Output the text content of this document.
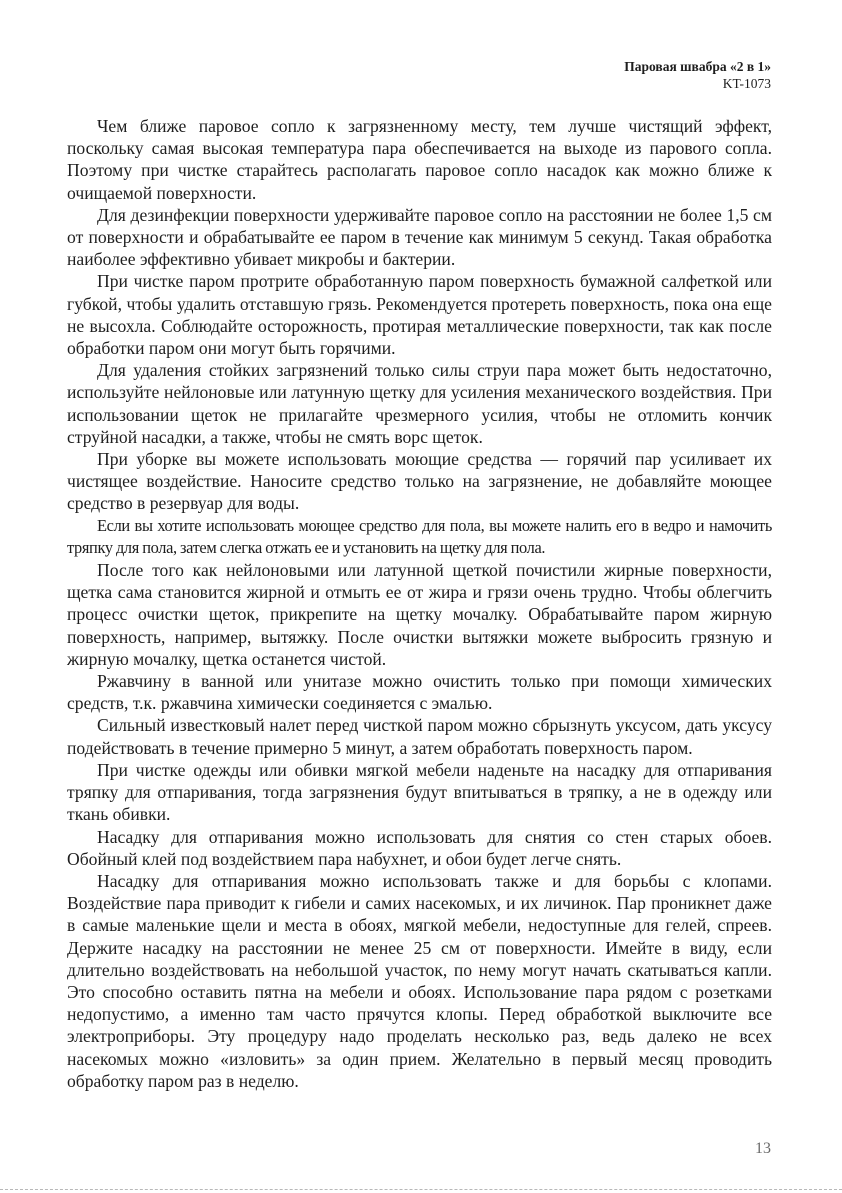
Паровая швабра «2 в 1»
KT-1073

Чем ближе паровое сопло к загрязненному месту, тем лучше чистящий эффект, поскольку самая высокая температура пара обеспечивается на выходе из парового сопла. Поэтому при чистке старайтесь располагать паровое сопло насадок как можно ближе к очищаемой поверхности.

Для дезинфекции поверхности удерживайте паровое сопло на расстоянии не более 1,5 см от поверхности и обрабатывайте ее паром в течение как минимум 5 секунд. Такая обработка наиболее эффективно убивает микробы и бактерии.

При чистке паром протрите обработанную паром поверхность бумажной салфеткой или губкой, чтобы удалить отставшую грязь. Рекомендуется протереть поверхность, пока она еще не высохла. Соблюдайте осторожность, протирая металлические поверхности, так как после обработки паром они могут быть горячими.

Для удаления стойких загрязнений только силы струи пара может быть недостаточно, используйте нейлоновые или латунную щетку для усиления механического воздействия. При использовании щеток не прилагайте чрезмерного усилия, чтобы не отломить кончик струйной насадки, а также, чтобы не смять ворс щеток.

При уборке вы можете использовать моющие средства — горячий пар усиливает их чистящее воздействие. Наносите средство только на загрязнение, не добавляйте моющее средство в резервуар для воды.

Если вы хотите использовать моющее средство для пола, вы можете налить его в ведро и намочить тряпку для пола, затем слегка отжать ее и установить на щетку для пола.

После того как нейлоновыми или латунной щеткой почистили жирные поверхности, щетка сама становится жирной и отмыть ее от жира и грязи очень трудно. Чтобы облегчить процесс очистки щеток, прикрепите на щетку мочалку. Обрабатывайте паром жирную поверхность, например, вытяжку. После очистки вытяжки можете выбросить грязную и жирную мочалку, щетка останется чистой.

Ржавчину в ванной или унитазе можно очистить только при помощи химических средств, т.к. ржавчина химически соединяется с эмалью.

Сильный известковый налет перед чисткой паром можно сбрызнуть уксусом, дать уксусу подействовать в течение примерно 5 минут, а затем обработать поверхность паром.

При чистке одежды или обивки мягкой мебели наденьте на насадку для отпаривания тряпку для отпаривания, тогда загрязнения будут впитываться в тряпку, а не в одежду или ткань обивки.

Насадку для отпаривания можно использовать для снятия со стен старых обоев. Обойный клей под воздействием пара набухнет, и обои будет легче снять.

Насадку для отпаривания можно использовать также и для борьбы с клопами. Воздействие пара приводит к гибели и самих насекомых, и их личинок. Пар проникнет даже в самые маленькие щели и места в обоях, мягкой мебели, недоступные для гелей, спреев. Держите насадку на расстоянии не менее 25 см от поверхности. Имейте в виду, если длительно воздействовать на небольшой участок, по нему могут начать скатываться капли. Это способно оставить пятна на мебели и обоях. Использование пара рядом с розетками недопустимо, а именно там часто прячутся клопы. Перед обработкой выключите все электроприборы. Эту процедуру надо проделать несколько раз, ведь далеко не всех насекомых можно «изловить» за один прием. Желательно в первый месяц проводить обработку паром раз в неделю.

13
